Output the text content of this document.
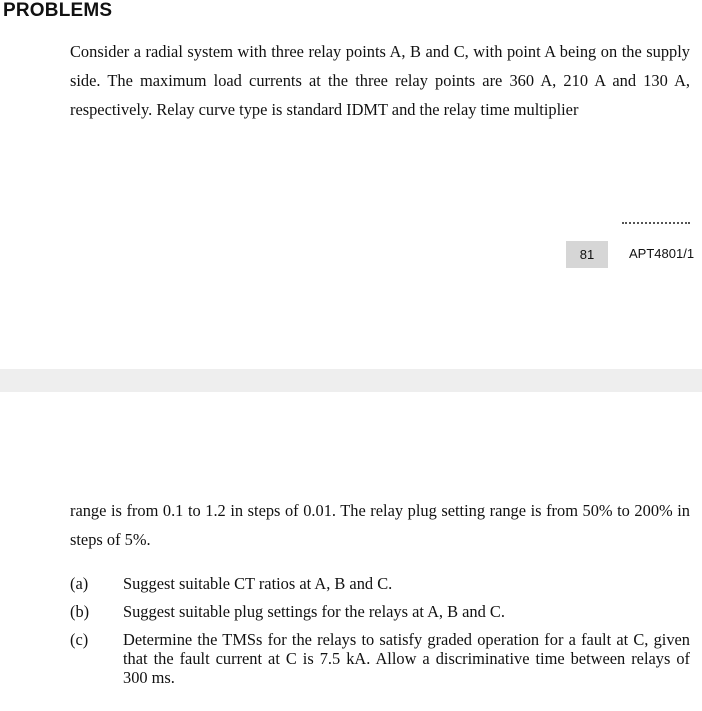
PROBLEMS
Consider a radial system with three relay points A, B and C, with point A being on the supply side. The maximum load currents at the three relay points are 360 A, 210 A and 130 A, respectively. Relay curve type is standard IDMT and the relay time multiplier
81	APT4801/1
range is from 0.1 to 1.2 in steps of 0.01. The relay plug setting range is from 50% to 200% in steps of 5%.
(a)	Suggest suitable CT ratios at A, B and C.
(b)	Suggest suitable plug settings for the relays at A, B and C.
(c)	Determine the TMSs for the relays to satisfy graded operation for a fault at C, given that the fault current at C is 7.5 kA. Allow a discriminative time between relays of 300 ms.
